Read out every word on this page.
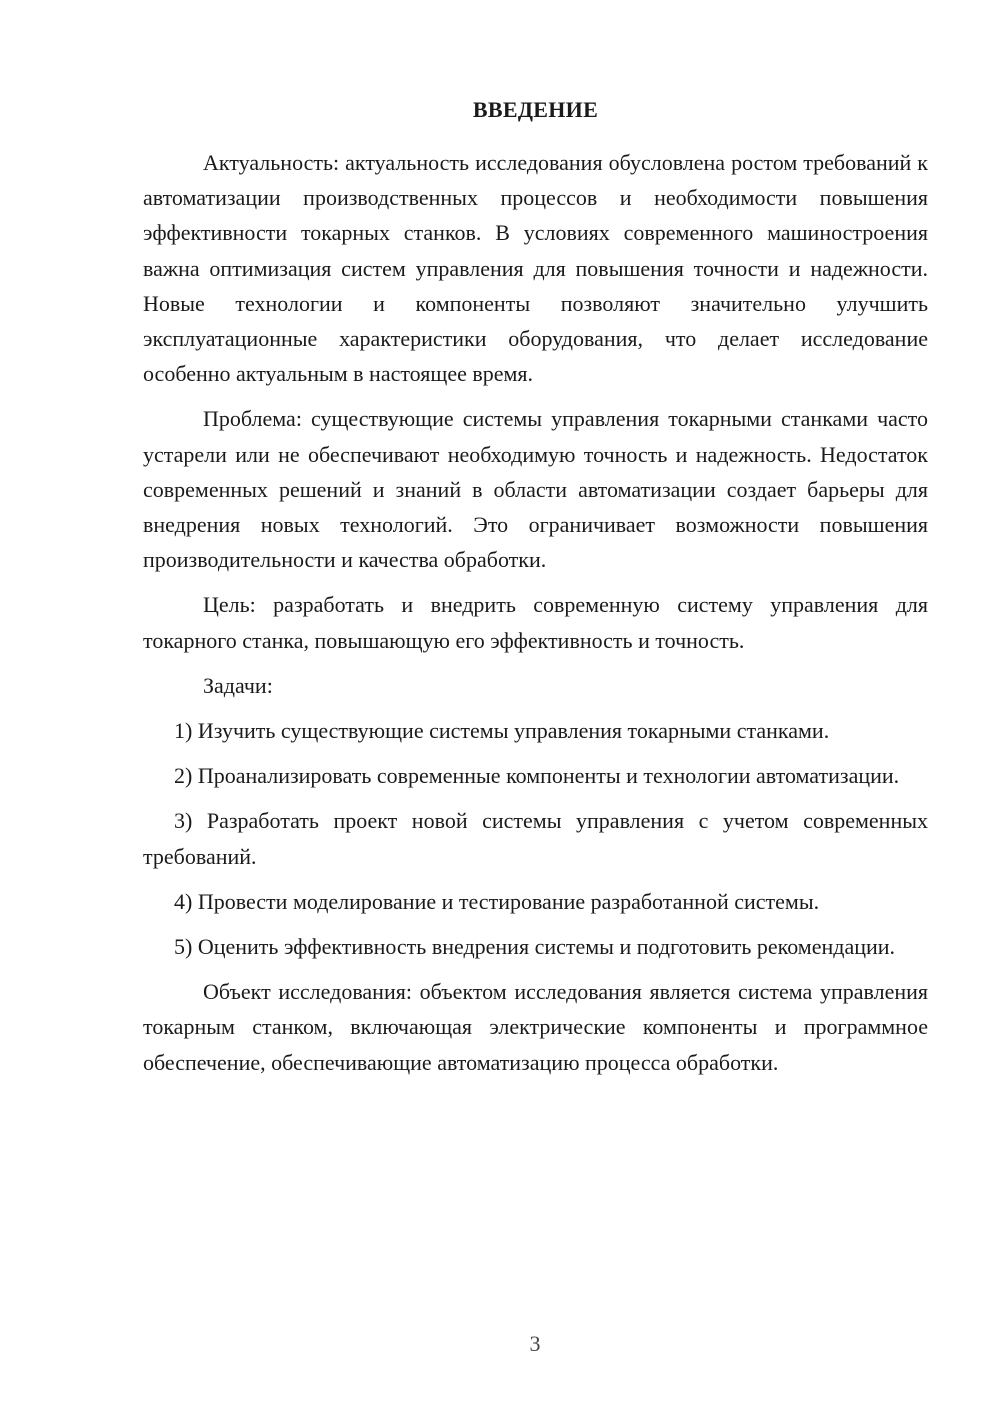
ВВЕДЕНИЕ

Актуальность: актуальность исследования обусловлена ростом требований к автоматизации производственных процессов и необходимости повышения эффективности токарных станков. В условиях современного машиностроения важна оптимизация систем управления для повышения точности и надежности. Новые технологии и компоненты позволяют значительно улучшить эксплуатационные характеристики оборудования, что делает исследование особенно актуальным в настоящее время.

Проблема: существующие системы управления токарными станками часто устарели или не обеспечивают необходимую точность и надежность. Недостаток современных решений и знаний в области автоматизации создает барьеры для внедрения новых технологий. Это ограничивает возможности повышения производительности и качества обработки.

Цель: разработать и внедрить современную систему управления для токарного станка, повышающую его эффективность и точность.

Задачи:

1) Изучить существующие системы управления токарными станками.

2) Проанализировать современные компоненты и технологии автоматизации.

3) Разработать проект новой системы управления с учетом современных требований.

4) Провести моделирование и тестирование разработанной системы.

5) Оценить эффективность внедрения системы и подготовить рекомендации.

Объект исследования: объектом исследования является система управления токарным станком, включающая электрические компоненты и программное обеспечение, обеспечивающие автоматизацию процесса обработки.

3
